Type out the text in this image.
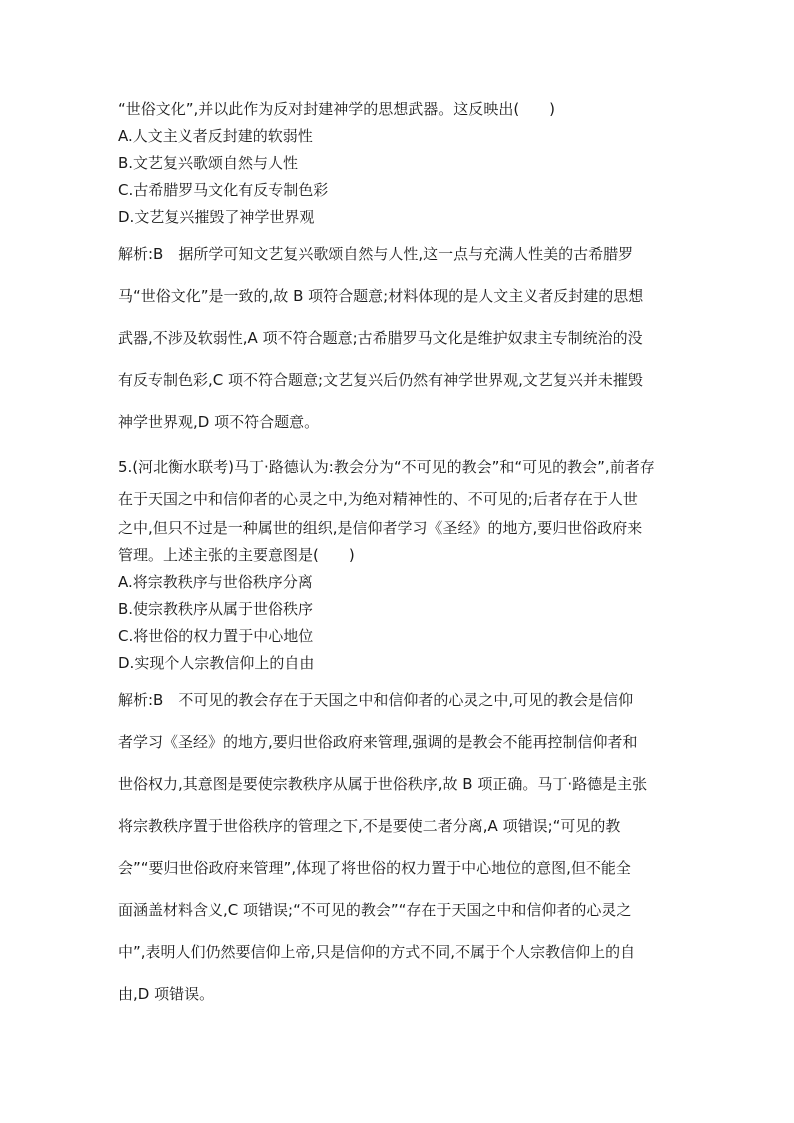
“世俗文化”,并以此作为反对封建神学的思想武器。这反映出(　　)
A.人文主义者反封建的软弱性
B.文艺复兴歌颂自然与人性
C.古希腊罗马文化有反专制色彩
D.文艺复兴摧毁了神学世界观
解析:B　据所学可知文艺复兴歌颂自然与人性,这一点与充满人性美的古希腊罗
马“世俗文化”是一致的,故 B 项符合题意;材料体现的是人文主义者反封建的思想
武器,不涉及软弱性,A 项不符合题意;古希腊罗马文化是维护奴隶主专制统治的没
有反专制色彩,C 项不符合题意;文艺复兴后仍然有神学世界观,文艺复兴并未摧毁
神学世界观,D 项不符合题意。
5.(河北衡水联考)马丁·路德认为:教会分为“不可见的教会”和“可见的教会”,前者存
在于天国之中和信仰者的心灵之中,为绝对精神性的、不可见的;后者存在于人世
之中,但只不过是一种属世的组织,是信仰者学习《圣经》的地方,要归世俗政府来
管理。上述主张的主要意图是(　　)
A.将宗教秩序与世俗秩序分离
B.使宗教秩序从属于世俗秩序
C.将世俗的权力置于中心地位
D.实现个人宗教信仰上的自由
解析:B　不可见的教会存在于天国之中和信仰者的心灵之中,可见的教会是信仰
者学习《圣经》的地方,要归世俗政府来管理,强调的是教会不能再控制信仰者和
世俗权力,其意图是要使宗教秩序从属于世俗秩序,故 B 项正确。马丁·路德是主张
将宗教秩序置于世俗秩序的管理之下,不是要使二者分离,A 项错误;“可见的教
会”“要归世俗政府来管理”,体现了将世俗的权力置于中心地位的意图,但不能全
面涵盖材料含义,C 项错误;“不可见的教会”“存在于天国之中和信仰者的心灵之
中”,表明人们仍然要信仰上帝,只是信仰的方式不同,不属于个人宗教信仰上的自
由,D 项错误。
